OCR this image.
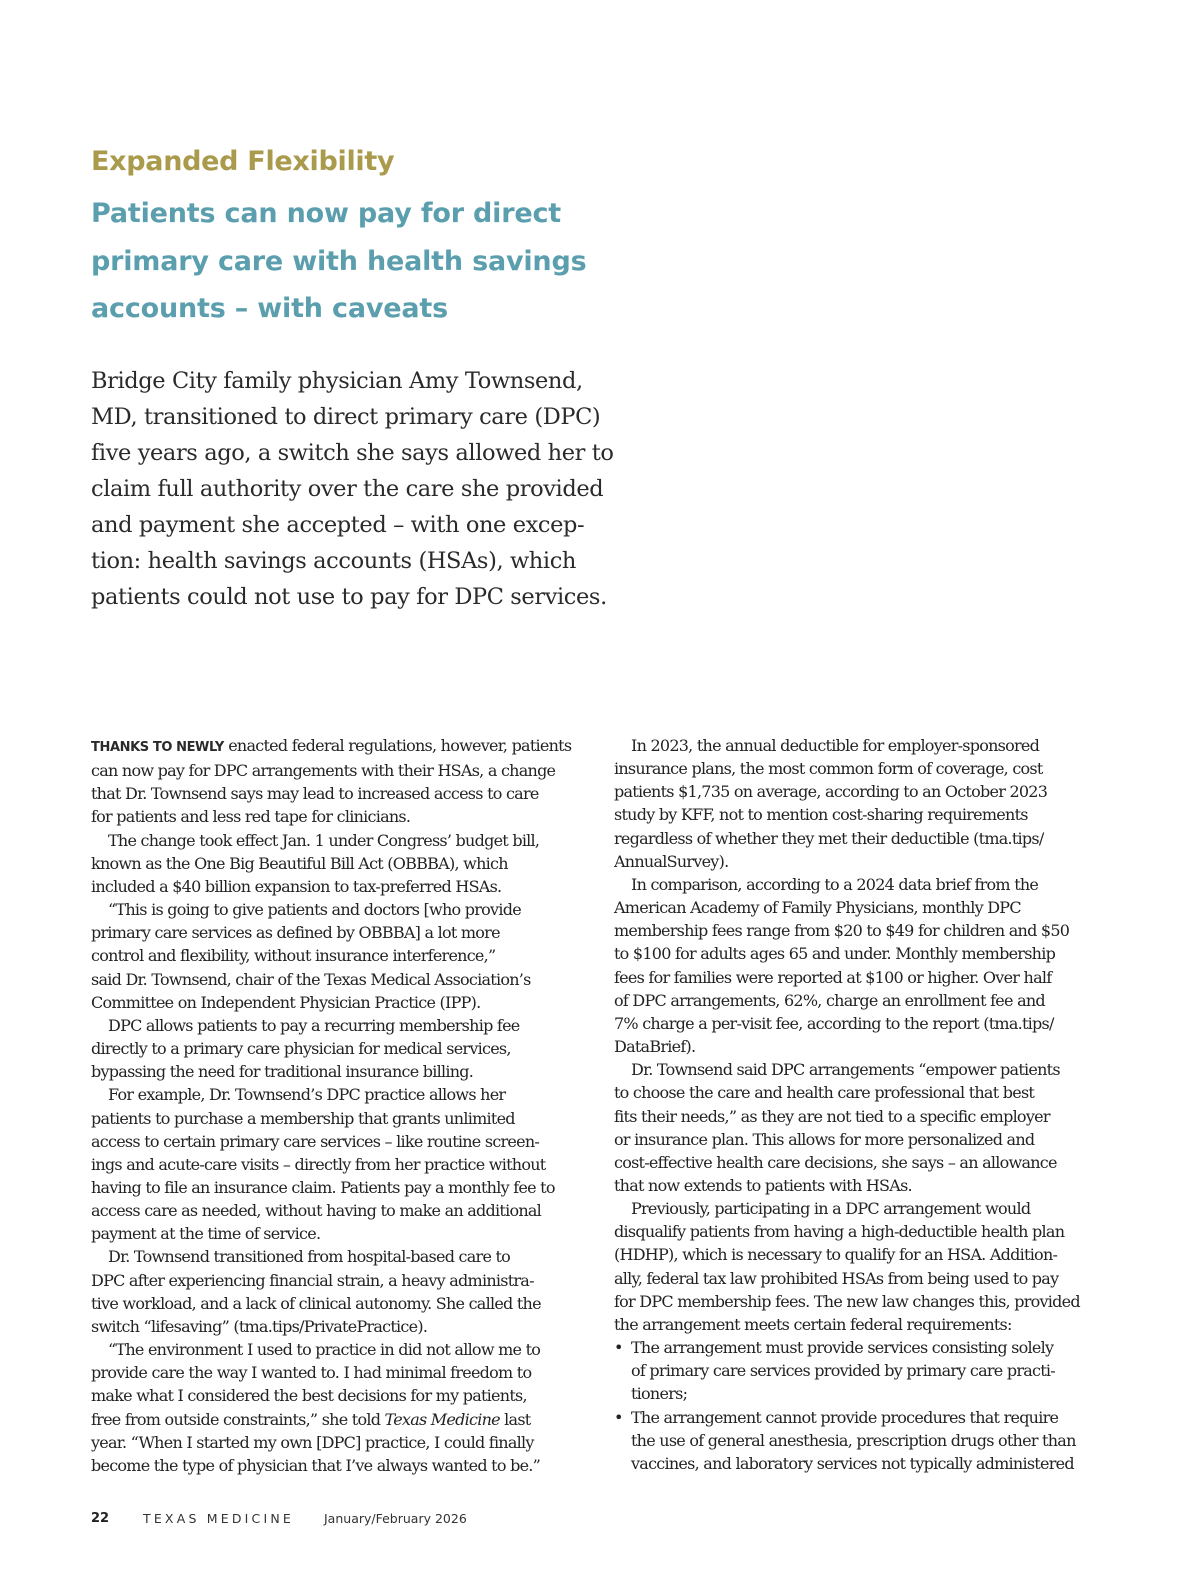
Expanded Flexibility
Patients can now pay for direct
primary care with health savings
accounts – with caveats

Bridge City family physician Amy Townsend,
MD, transitioned to direct primary care (DPC)
five years ago, a switch she says allowed her to
claim full authority over the care she provided
and payment she accepted – with one excep-
tion: health savings accounts (HSAs), which
patients could not use to pay for DPC services.

THANKS TO NEWLY enacted federal regulations, however, patients
can now pay for DPC arrangements with their HSAs, a change
that Dr. Townsend says may lead to increased access to care
for patients and less red tape for clinicians.
The change took effect Jan. 1 under Congress’ budget bill,
known as the One Big Beautiful Bill Act (OBBBA), which
included a $40 billion expansion to tax-preferred HSAs.
“This is going to give patients and doctors [who provide
primary care services as defined by OBBBA] a lot more
control and flexibility, without insurance interference,”
said Dr. Townsend, chair of the Texas Medical Association’s
Committee on Independent Physician Practice (IPP).
DPC allows patients to pay a recurring membership fee
directly to a primary care physician for medical services,
bypassing the need for traditional insurance billing.
For example, Dr. Townsend’s DPC practice allows her
patients to purchase a membership that grants unlimited
access to certain primary care services – like routine screen-
ings and acute-care visits – directly from her practice without
having to file an insurance claim. Patients pay a monthly fee to
access care as needed, without having to make an additional
payment at the time of service.
Dr. Townsend transitioned from hospital-based care to
DPC after experiencing financial strain, a heavy administra-
tive workload, and a lack of clinical autonomy. She called the
switch “lifesaving” (tma.tips/PrivatePractice).
“The environment I used to practice in did not allow me to
provide care the way I wanted to. I had minimal freedom to
make what I considered the best decisions for my patients,
free from outside constraints,” she told Texas Medicine last
year. “When I started my own [DPC] practice, I could finally
become the type of physician that I’ve always wanted to be.”
In 2023, the annual deductible for employer-sponsored
insurance plans, the most common form of coverage, cost
patients $1,735 on average, according to an October 2023
study by KFF, not to mention cost-sharing requirements
regardless of whether they met their deductible (tma.tips/
AnnualSurvey).
In comparison, according to a 2024 data brief from the
American Academy of Family Physicians, monthly DPC
membership fees range from $20 to $49 for children and $50
to $100 for adults ages 65 and under. Monthly membership
fees for families were reported at $100 or higher. Over half
of DPC arrangements, 62%, charge an enrollment fee and
7% charge a per-visit fee, according to the report (tma.tips/
DataBrief).
Dr. Townsend said DPC arrangements “empower patients
to choose the care and health care professional that best
fits their needs,” as they are not tied to a specific employer
or insurance plan. This allows for more personalized and
cost-effective health care decisions, she says – an allowance
that now extends to patients with HSAs.
Previously, participating in a DPC arrangement would
disqualify patients from having a high-deductible health plan
(HDHP), which is necessary to qualify for an HSA. Addition-
ally, federal tax law prohibited HSAs from being used to pay
for DPC membership fees. The new law changes this, provided
the arrangement meets certain federal requirements:
• The arrangement must provide services consisting solely
of primary care services provided by primary care practi-
tioners;
• The arrangement cannot provide procedures that require
the use of general anesthesia, prescription drugs other than
vaccines, and laboratory services not typically administered
22	TEXAS MEDICINE January/February 2026
